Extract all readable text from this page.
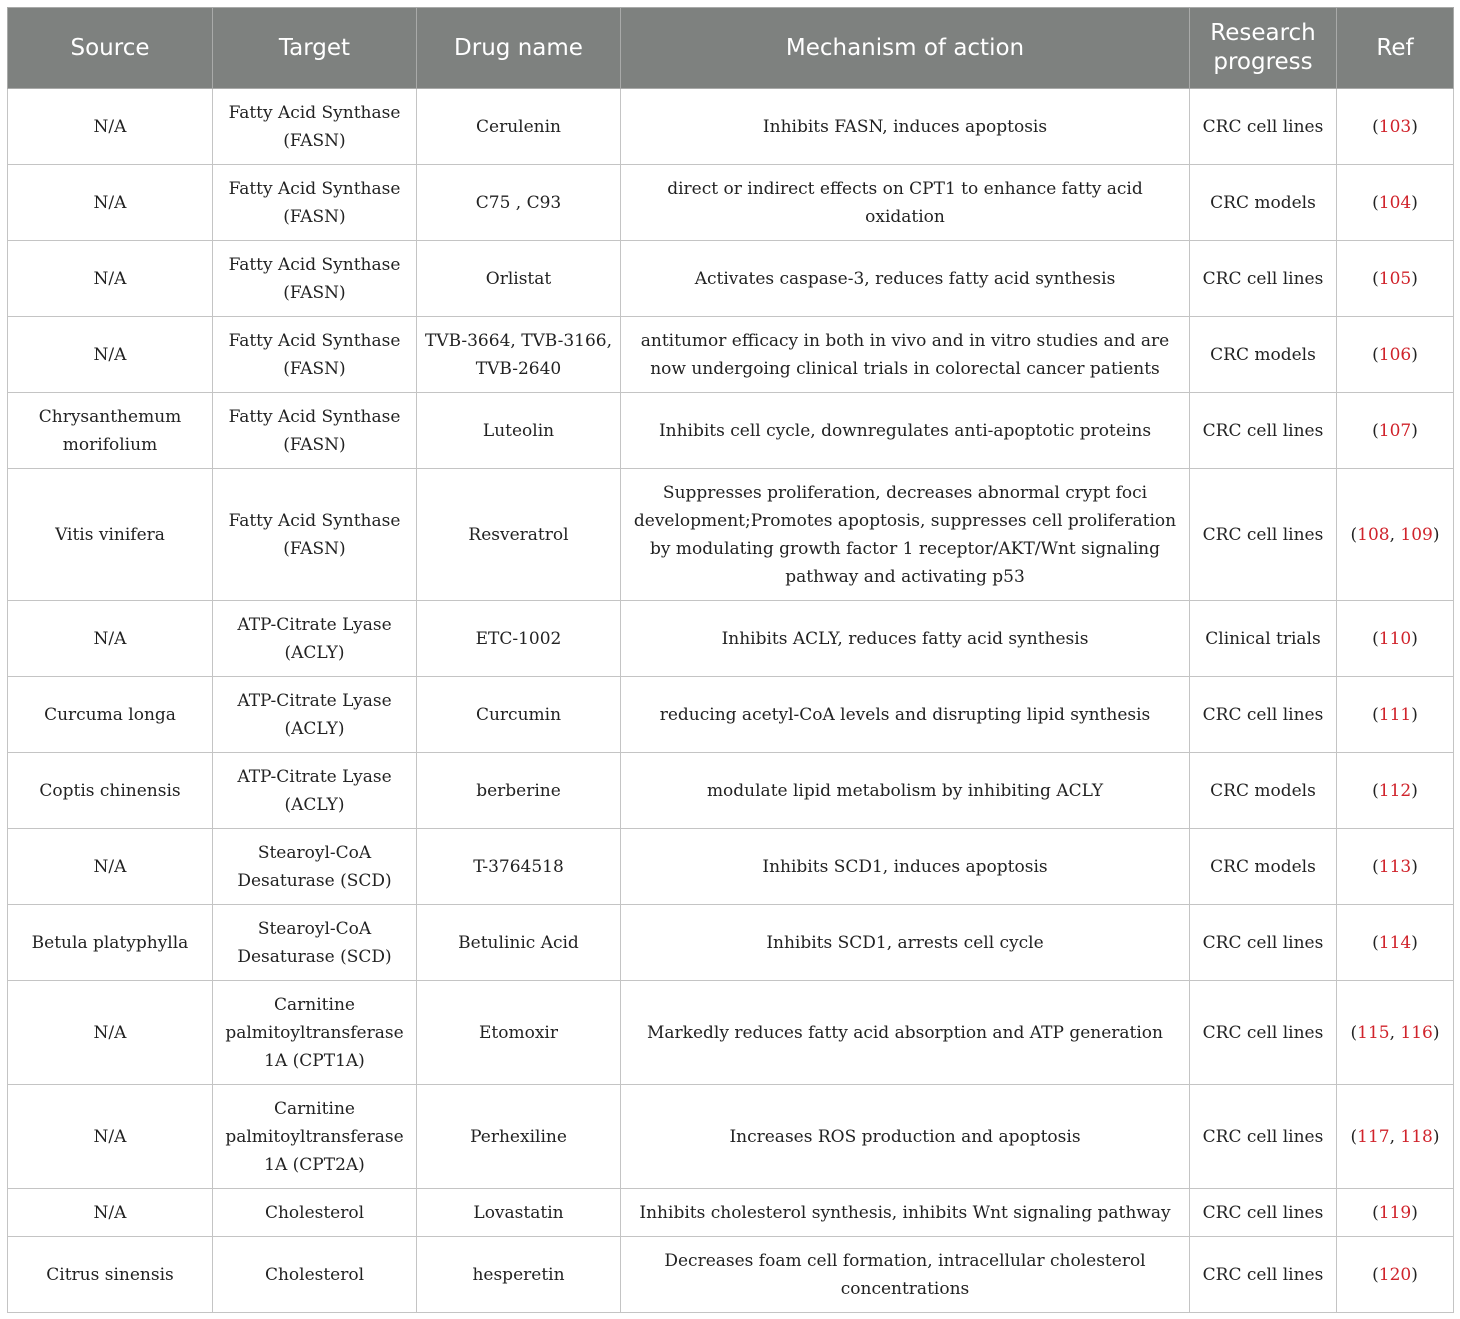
Source	Target	Drug name	Mechanism of action	Research progress	Ref
N/A	Fatty Acid Synthase (FASN)	Cerulenin	Inhibits FASN, induces apoptosis	CRC cell lines	(103)
N/A	Fatty Acid Synthase (FASN)	C75 , C93	direct or indirect effects on CPT1 to enhance fatty acid oxidation	CRC models	(104)
N/A	Fatty Acid Synthase (FASN)	Orlistat	Activates caspase-3, reduces fatty acid synthesis	CRC cell lines	(105)
N/A	Fatty Acid Synthase (FASN)	TVB-3664, TVB-3166, TVB-2640	antitumor efficacy in both in vivo and in vitro studies and are now undergoing clinical trials in colorectal cancer patients	CRC models	(106)
Chrysanthemum morifolium	Fatty Acid Synthase (FASN)	Luteolin	Inhibits cell cycle, downregulates anti-apoptotic proteins	CRC cell lines	(107)
Vitis vinifera	Fatty Acid Synthase (FASN)	Resveratrol	Suppresses proliferation, decreases abnormal crypt foci development;Promotes apoptosis, suppresses cell proliferation by modulating growth factor 1 receptor/AKT/Wnt signaling pathway and activating p53	CRC cell lines	(108, 109)
N/A	ATP-Citrate Lyase (ACLY)	ETC-1002	Inhibits ACLY, reduces fatty acid synthesis	Clinical trials	(110)
Curcuma longa	ATP-Citrate Lyase (ACLY)	Curcumin	reducing acetyl-CoA levels and disrupting lipid synthesis	CRC cell lines	(111)
Coptis chinensis	ATP-Citrate Lyase (ACLY)	berberine	modulate lipid metabolism by inhibiting ACLY	CRC models	(112)
N/A	Stearoyl-CoA Desaturase (SCD)	T-3764518	Inhibits SCD1, induces apoptosis	CRC models	(113)
Betula platyphylla	Stearoyl-CoA Desaturase (SCD)	Betulinic Acid	Inhibits SCD1, arrests cell cycle	CRC cell lines	(114)
N/A	Carnitine palmitoyltransferase 1A (CPT1A)	Etomoxir	Markedly reduces fatty acid absorption and ATP generation	CRC cell lines	(115, 116)
N/A	Carnitine palmitoyltransferase 1A (CPT2A)	Perhexiline	Increases ROS production and apoptosis	CRC cell lines	(117, 118)
N/A	Cholesterol	Lovastatin	Inhibits cholesterol synthesis, inhibits Wnt signaling pathway	CRC cell lines	(119)
Citrus sinensis	Cholesterol	hesperetin	Decreases foam cell formation, intracellular cholesterol concentrations	CRC cell lines	(120)
